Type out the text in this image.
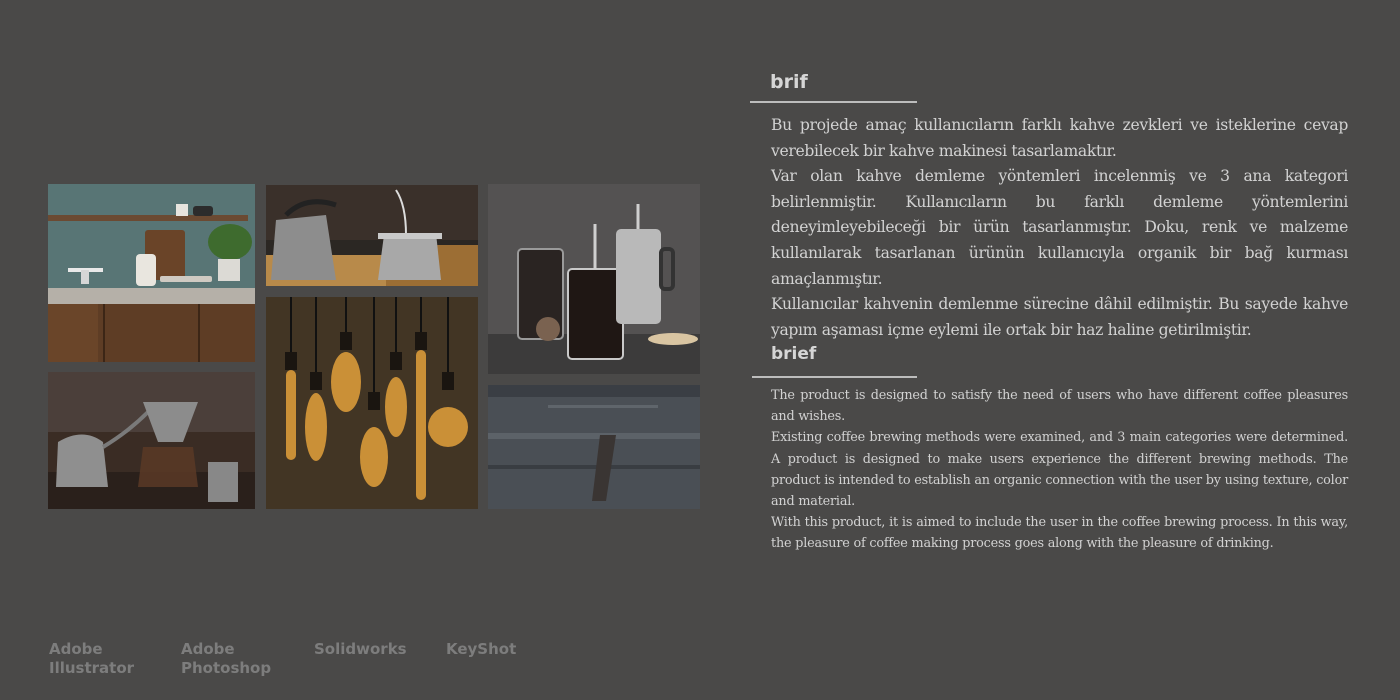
brif

Bu projede amaç kullanıcıların farklı kahve zevkleri ve isteklerine cevap verebilecek bir kahve makinesi tasarlamaktır.

Var olan kahve demleme yöntemleri incelenmiş ve 3 ana kategori belirlenmiştir. Kullanıcıların bu farklı demleme yöntemlerini deneyimleyebileceği bir ürün tasarlanmıştır. Doku, renk ve malzeme kullanılarak tasarlanan ürünün kullanıcıyla organik bir bağ kurması amaçlanmıştır.

Kullanıcılar kahvenin demlenme sürecine dâhil edilmiştir. Bu sayede kahve yapım aşaması içme eylemi ile ortak bir haz haline getirilmiştir.

brief

The product is designed to satisfy the need of users who have different coffee pleasures and wishes.

Existing coffee brewing methods were examined, and 3 main categories were determined. A product is designed to make users experience the different brewing methods. The product is intended to establish an organic connection with the user by using texture, color and material.

With this product, it is aimed to include the user in the coffee brewing process. In this way, the pleasure of coffee making process goes along with the pleasure of drinking.

Adobe
Illustrator
Adobe
Photoshop
Solidworks	KeyShot
